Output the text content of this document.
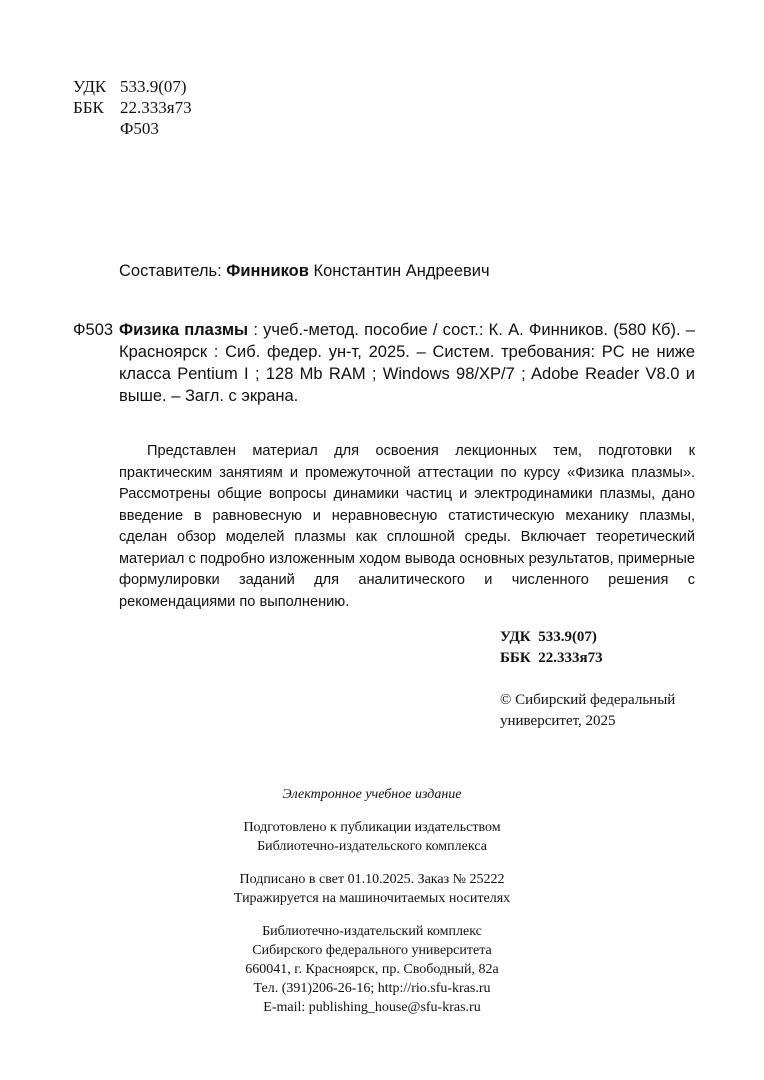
УДК 533.9(07)
ББК 22.333я73
Ф503
Составитель: Финников Константин Андреевич
Ф503 Физика плазмы : учеб.-метод. пособие / сост.: К. А. Финников. (580 Кб). – Красноярск : Сиб. федер. ун-т, 2025. – Систем. требования: PC не ниже класса Pentium I ; 128 Mb RAM ; Windows 98/XP/7 ; Adobe Reader V8.0 и выше. – Загл. с экрана.
Представлен материал для освоения лекционных тем, подготовки к практическим занятиям и промежуточной аттестации по курсу «Физика плазмы». Рассмотрены общие вопросы динамики частиц и электродинамики плазмы, дано введение в равновесную и неравновесную статистическую механику плазмы, сделан обзор моделей плазмы как сплошной среды. Включает теоретический материал с подробно изложенным ходом вывода основных результатов, примерные формулировки заданий для аналитического и численного решения с рекомендациями по выполнению.
УДК  533.9(07)
ББК  22.333я73
© Сибирский федеральный
университет, 2025
Электронное учебное издание
Подготовлено к публикации издательством
Библиотечно-издательского комплекса
Подписано в свет 01.10.2025. Заказ № 25222
Тиражируется на машиночитаемых носителях
Библиотечно-издательский комплекс
Сибирского федерального университета
660041, г. Красноярск, пр. Свободный, 82а
Тел. (391)206-26-16; http://rio.sfu-kras.ru
E-mail: publishing_house@sfu-kras.ru
